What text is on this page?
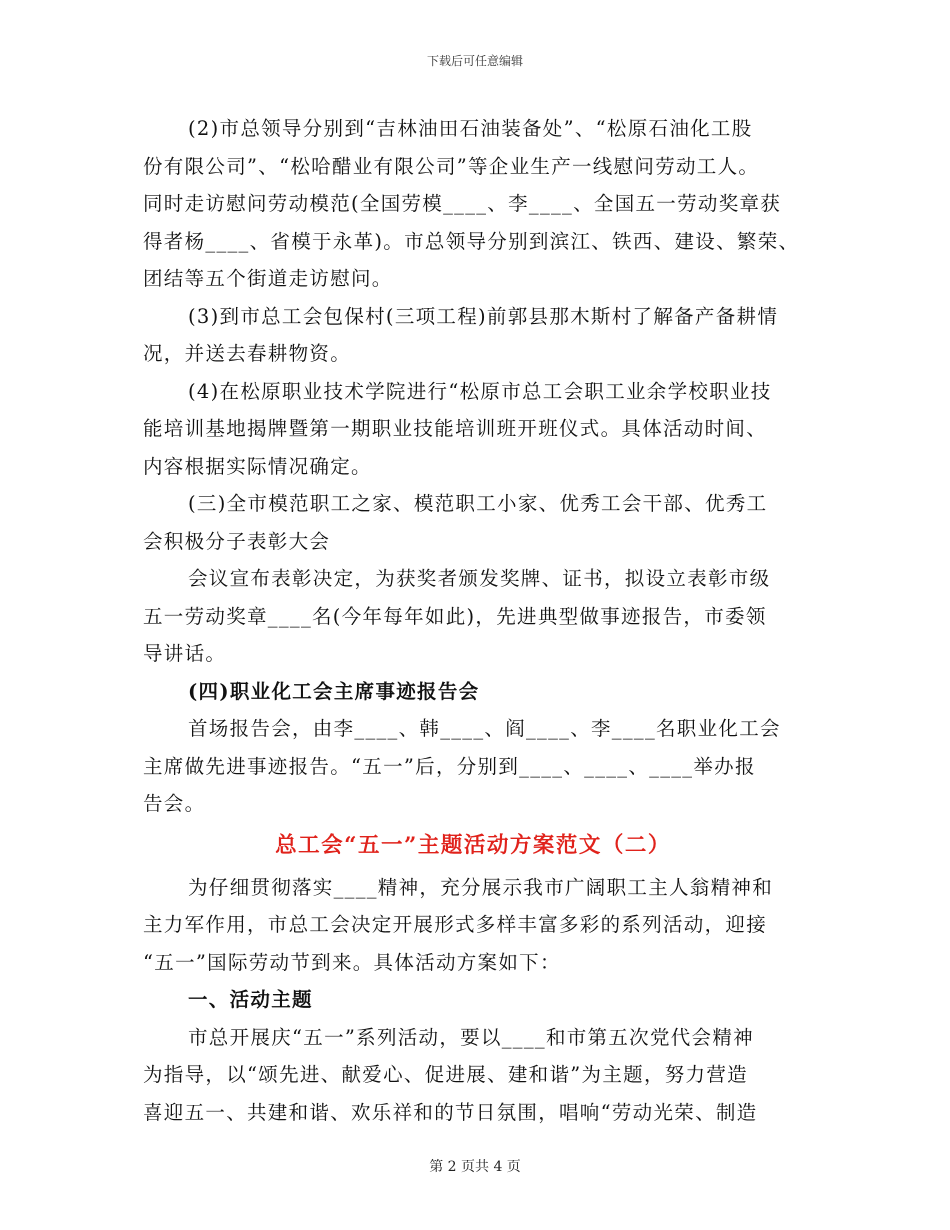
下载后可任意编辑
(2)市总领导分别到“吉林油田石油装备处”、“松原石油化工股
份有限公司”、“松哈醋业有限公司”等企业生产一线慰问劳动工人。
同时走访慰问劳动模范(全国劳模____、李____、全国五一劳动奖章获
得者杨____、省模于永革)。市总领导分别到滨江、铁西、建设、繁荣、
团结等五个街道走访慰问。
(3)到市总工会包保村(三项工程)前郭县那木斯村了解备产备耕情
况，并送去春耕物资。
(4)在松原职业技术学院进行“松原市总工会职工业余学校职业技
能培训基地揭牌暨第一期职业技能培训班开班仪式。具体活动时间、
内容根据实际情况确定。
(三)全市模范职工之家、模范职工小家、优秀工会干部、优秀工
会积极分子表彰大会
会议宣布表彰决定，为获奖者颁发奖牌、证书，拟设立表彰市级
五一劳动奖章____名(今年每年如此)，先进典型做事迹报告，市委领
导讲话。
(四)职业化工会主席事迹报告会
首场报告会，由李____、韩____、阎____、李____名职业化工会
主席做先进事迹报告。“五一”后，分别到____、____、____举办报
告会。
总工会“五一”主题活动方案范文（二）
为仔细贯彻落实____精神，充分展示我市广阔职工主人翁精神和
主力军作用，市总工会决定开展形式多样丰富多彩的系列活动，迎接
“五一”国际劳动节到来。具体活动方案如下：
一、活动主题
市总开展庆“五一”系列活动，要以____和市第五次党代会精神
为指导，以“颂先进、献爱心、促进展、建和谐”为主题，努力营造
喜迎五一、共建和谐、欢乐祥和的节日氛围，唱响“劳动光荣、制造
第 2 页共 4 页
